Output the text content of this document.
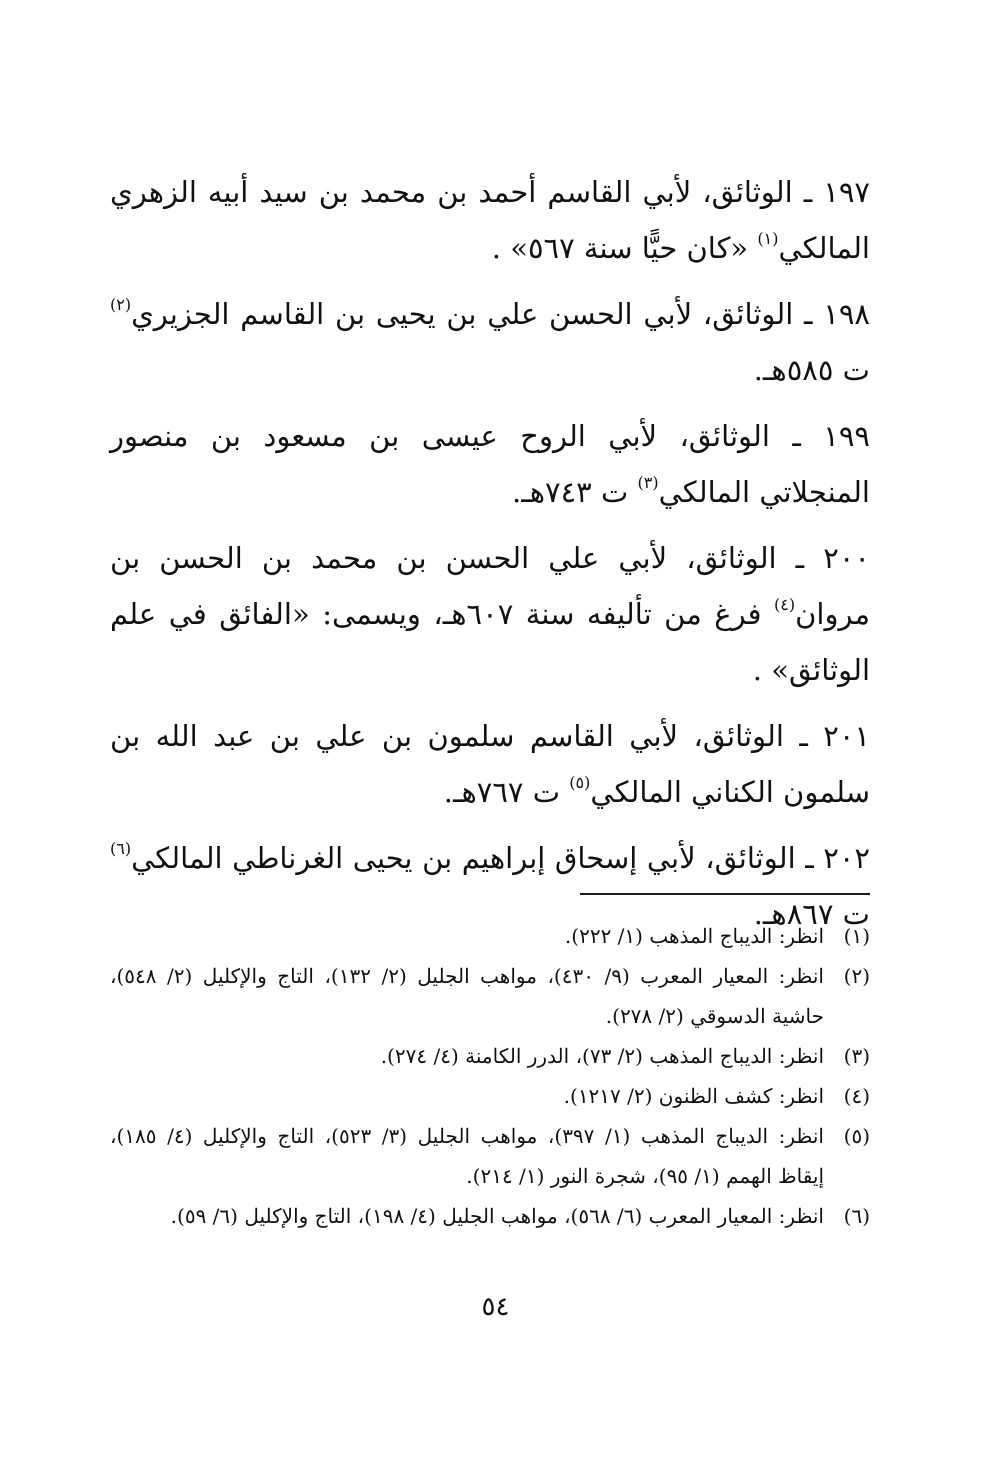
١٩٧ ـ الوثائق، لأبي القاسم أحمد بن محمد بن سيد أبيه الزهري المالكي$^{(١)}$ «كان حيًّا سنة ٥٦٧» .

١٩٨ ـ الوثائق، لأبي الحسن علي بن يحيى بن القاسم الجزيري$^{(٢)}$ ت ٥٨٥هـ.

١٩٩ ـ الوثائق، لأبي الروح عيسى بن مسعود بن منصور المنجلاتي المالكي$^{(٣)}$ ت ٧٤٣هـ.

٢٠٠ ـ الوثائق، لأبي علي الحسن بن محمد بن الحسن بن مروان$^{(٤)}$ فرغ من تأليفه سنة ٦٠٧هـ، ويسمى: «الفائق في علم الوثائق» .

٢٠١ ـ الوثائق، لأبي القاسم سلمون بن علي بن عبد الله بن سلمون الكناني المالكي$^{(٥)}$ ت ٧٦٧هـ.

٢٠٢ ـ الوثائق، لأبي إسحاق إبراهيم بن يحيى الغرناطي المالكي$^{(٦)}$ ت ٨٦٧هـ.

(١)
انظر: الديباج المذهب (١/ ٢٢٢).
(٢)
انظر: المعيار المعرب (٩/ ٤٣٠)، مواهب الجليل (٢/ ١٣٢)، التاج والإكليل (٢/ ٥٤٨)، حاشية الدسوقي (٢/ ٢٧٨).
(٣)
انظر: الديباج المذهب (٢/ ٧٣)، الدرر الكامنة (٤/ ٢٧٤).
(٤)
انظر: كشف الظنون (٢/ ١٢١٧).
(٥)
انظر: الديباج المذهب (١/ ٣٩٧)، مواهب الجليل (٣/ ٥٢٣)، التاج والإكليل (٤/ ١٨٥)، إيقاظ الهمم (١/ ٩٥)، شجرة النور (١/ ٢١٤).
(٦)
انظر: المعيار المعرب (٦/ ٥٦٨)، مواهب الجليل (٤/ ١٩٨)، التاج والإكليل (٦/ ٥٩).
٥٤
